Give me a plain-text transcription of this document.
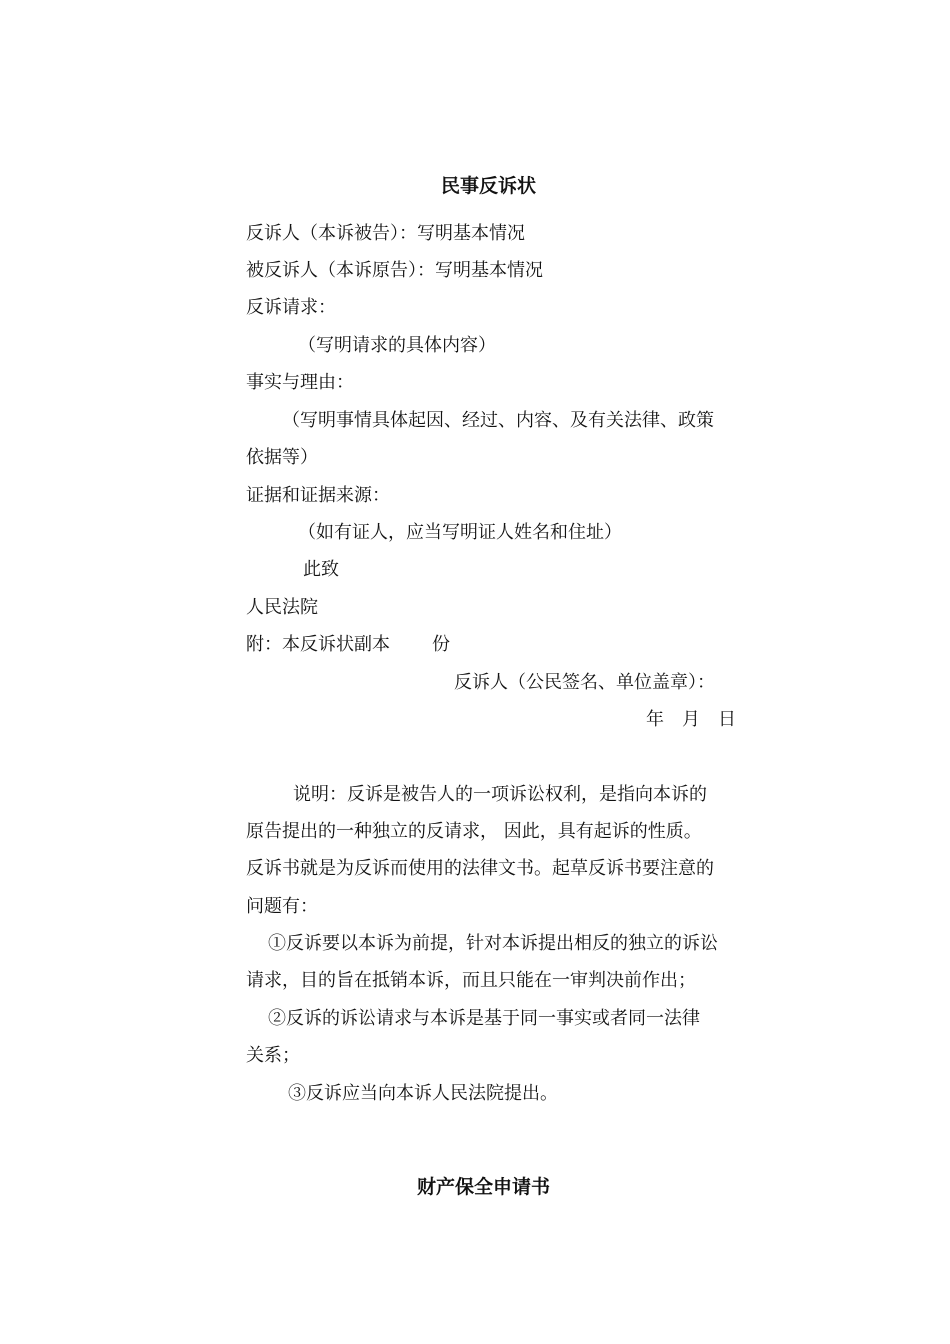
民事反诉状
反诉人（本诉被告）：写明基本情况
被反诉人（本诉原告）：写明基本情况
反诉请求：
（写明请求的具体内容）
事实与理由：
（写明事情具体起因、经过、内容、及有关法律、政策
依据等）
证据和证据来源：
（如有证人，应当写明证人姓名和住址）
此致
人民法院
附：本反诉状副本 份
反诉人（公民签名、单位盖章）：
年 月 日
说明：反诉是被告人的一项诉讼权利，是指向本诉的
原告提出的一种独立的反请求， 因此，具有起诉的性质。
反诉书就是为反诉而使用的法律文书。起草反诉书要注意的
问题有：
①反诉要以本诉为前提，针对本诉提出相反的独立的诉讼
请求，目的旨在抵销本诉，而且只能在一审判决前作出；
②反诉的诉讼请求与本诉是基于同一事实或者同一法律
关系；
③反诉应当向本诉人民法院提出。
财产保全申请书
